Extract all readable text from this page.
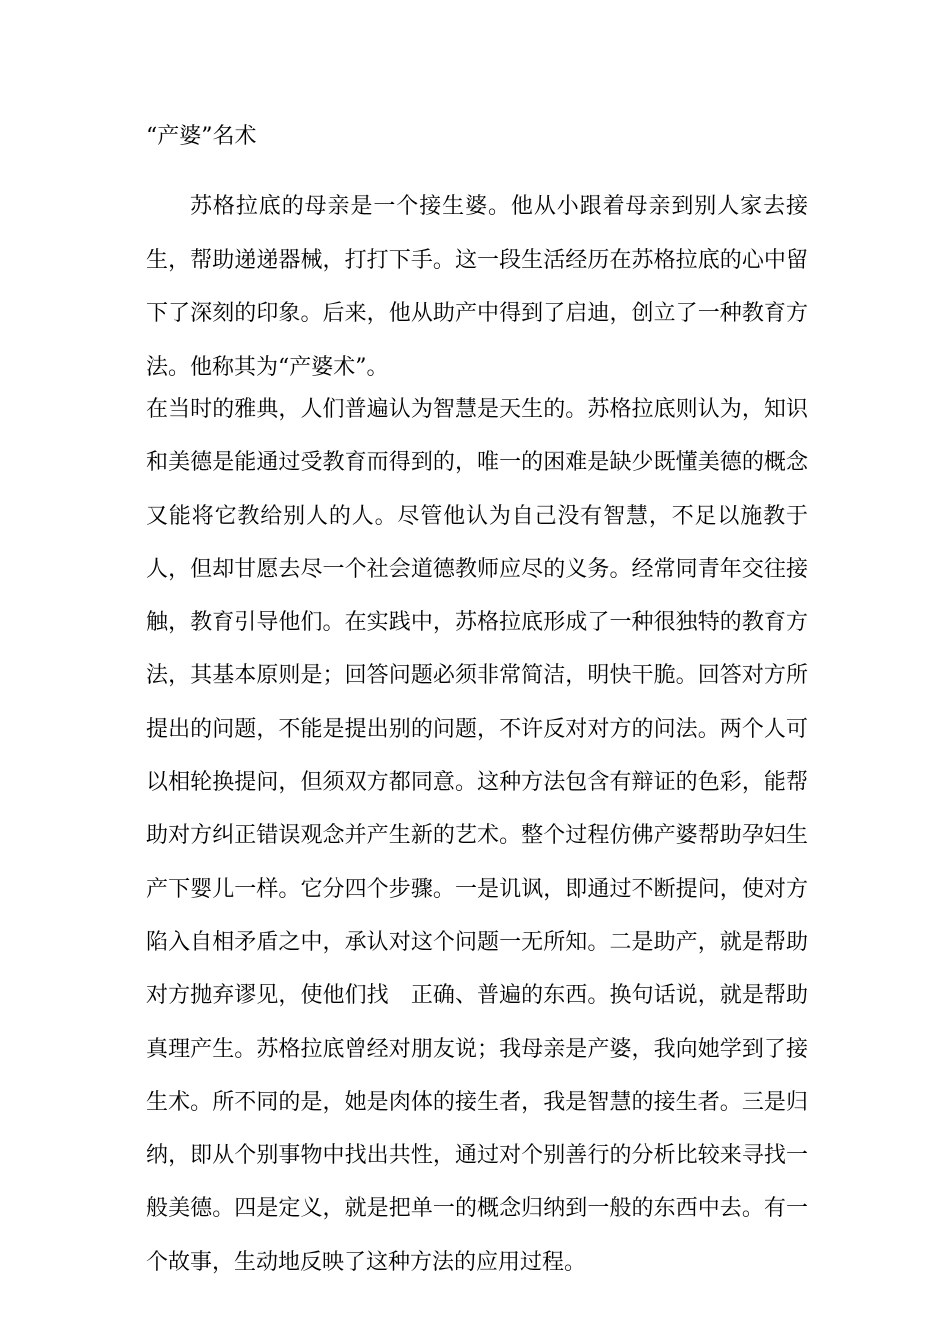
“产婆”名术

苏格拉底的母亲是一个接生婆。他从小跟着母亲到别人家去接生，帮助递递器械，打打下手。这一段生活经历在苏格拉底的心中留下了深刻的印象。后来，他从助产中得到了启迪，创立了一种教育方法。他称其为“产婆术”。

在当时的雅典，人们普遍认为智慧是天生的。苏格拉底则认为，知识和美德是能通过受教育而得到的，唯一的困难是缺少既懂美德的概念又能将它教给别人的人。尽管他认为自己没有智慧，不足以施教于人，但却甘愿去尽一个社会道德教师应尽的义务。经常同青年交往接触，教育引导他们。在实践中，苏格拉底形成了一种很独特的教育方法，其基本原则是；回答问题必须非常简洁，明快干脆。回答对方所提出的问题，不能是提出别的问题，不许反对对方的问法。两个人可以相轮换提问，但须双方都同意。这种方法包含有辩证的色彩，能帮助对方纠正错误观念并产生新的艺术。整个过程仿佛产婆帮助孕妇生产下婴儿一样。它分四个步骤。一是讥讽，即通过不断提问，使对方陷入自相矛盾之中，承认对这个问题一无所知。二是助产，就是帮助对方抛弃谬见，使他们找　正确、普遍的东西。换句话说，就是帮助真理产生。苏格拉底曾经对朋友说；我母亲是产婆，我向她学到了接生术。所不同的是，她是肉体的接生者，我是智慧的接生者。三是归纳，即从个别事物中找出共性，通过对个别善行的分析比较来寻找一般美德。四是定义，就是把单一的概念归纳到一般的东西中去。有一个故事，生动地反映了这种方法的应用过程。
